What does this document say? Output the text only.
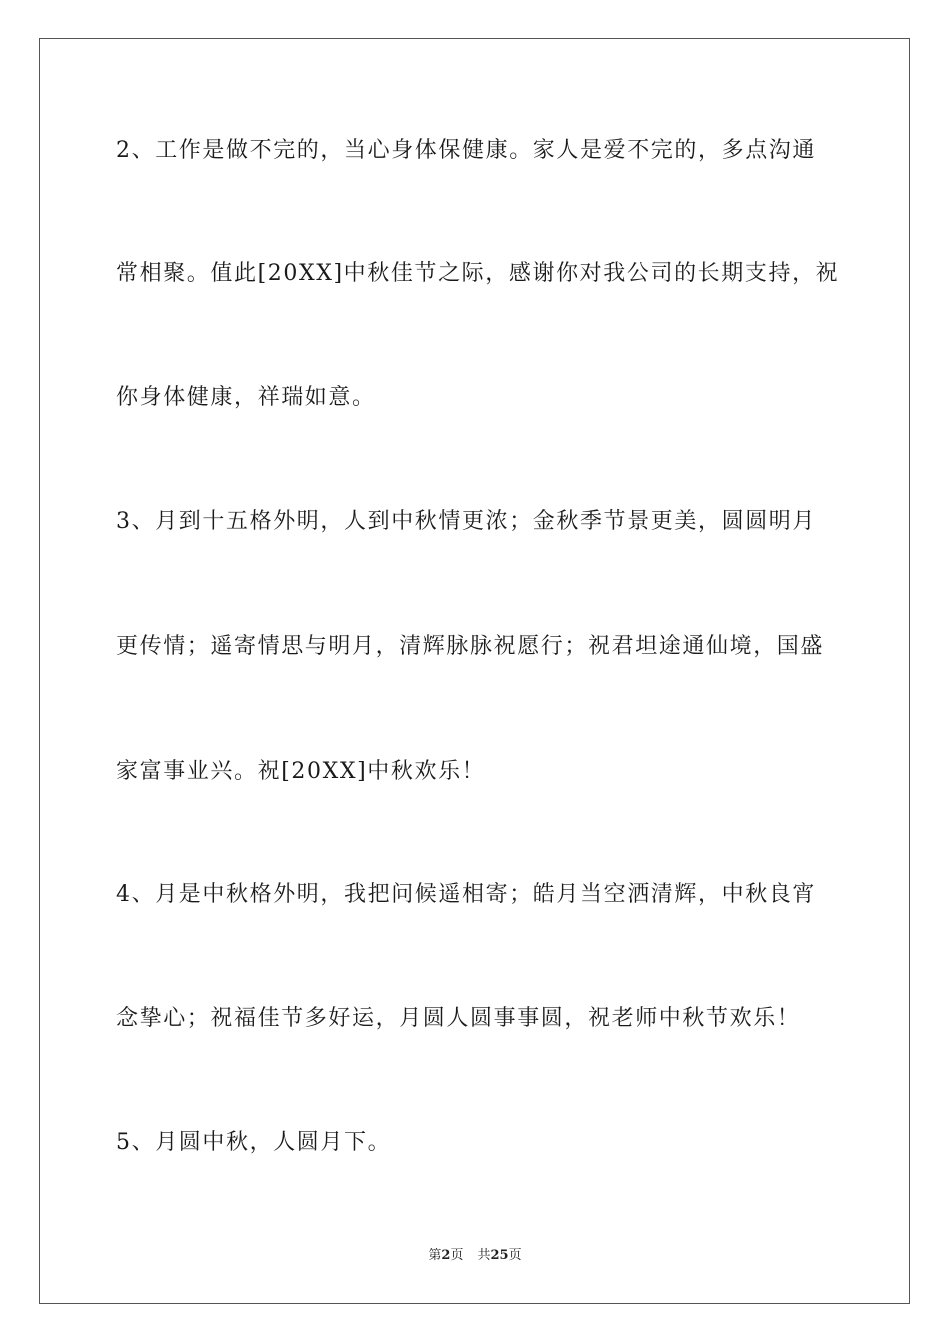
2、工作是做不完的，当心身体保健康。家人是爱不完的，多点沟通
常相聚。值此[20XX]中秋佳节之际，感谢你对我公司的长期支持，祝
你身体健康，祥瑞如意。
3、月到十五格外明，人到中秋情更浓；金秋季节景更美，圆圆明月
更传情；遥寄情思与明月，清辉脉脉祝愿行；祝君坦途通仙境，国盛
家富事业兴。祝[20XX]中秋欢乐！
4、月是中秋格外明，我把问候遥相寄；皓月当空洒清辉，中秋良宵
念挚心；祝福佳节多好运，月圆人圆事事圆，祝老师中秋节欢乐！
5、月圆中秋，人圆月下。
第2页 共25页
